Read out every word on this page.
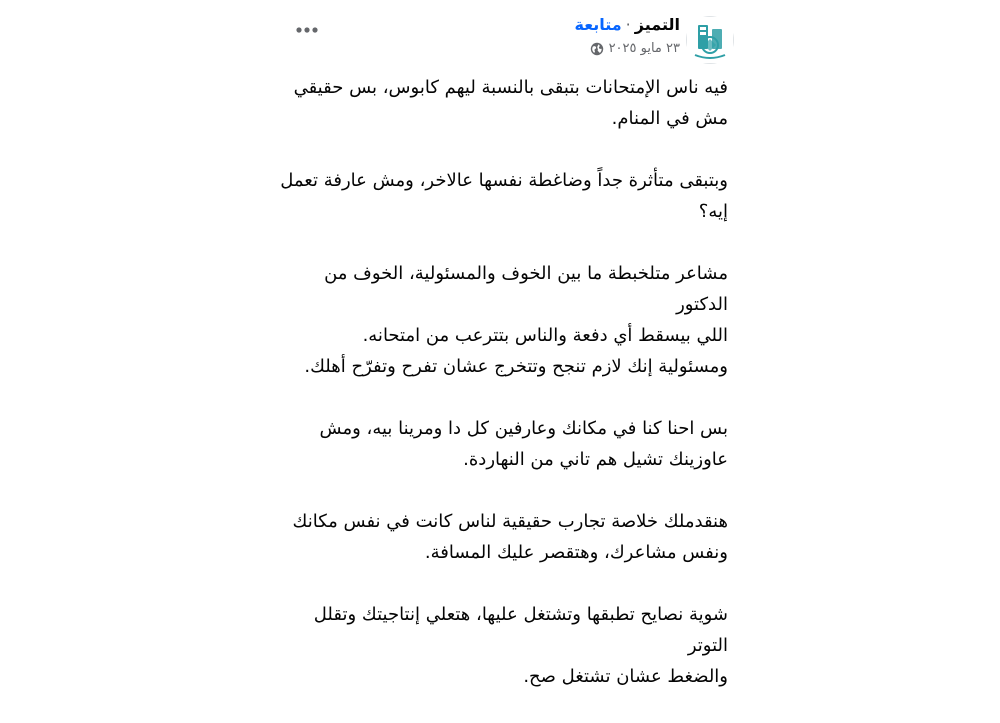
التميز·متابعة
٢٣ مايو ٢٠٢٥

فيه ناس الإمتحانات بتبقى بالنسبة ليهم كابوس، بس حقيقي
مش في المنام.

وبتبقى متأثرة جداً وضاغطة نفسها عالاخر، ومش عارفة تعمل
إيه؟

مشاعر متلخبطة ما بين الخوف والمسئولية، الخوف من الدكتور
اللي بيسقط أي دفعة والناس بتترعب من امتحانه.
ومسئولية إنك لازم تنجح وتتخرج عشان تفرح وتفرّح أهلك.

بس احنا كنا في مكانك وعارفين كل دا ومرينا بيه، ومش
عاوزينك تشيل هم تاني من النهاردة.

هنقدملك خلاصة تجارب حقيقية لناس كانت في نفس مكانك
ونفس مشاعرك، وهتقصر عليك المسافة.

شوية نصايح تطبقها وتشتغل عليها، هتعلي إنتاجيتك وتقلل التوتر
والضغط عشان تشتغل صح.
